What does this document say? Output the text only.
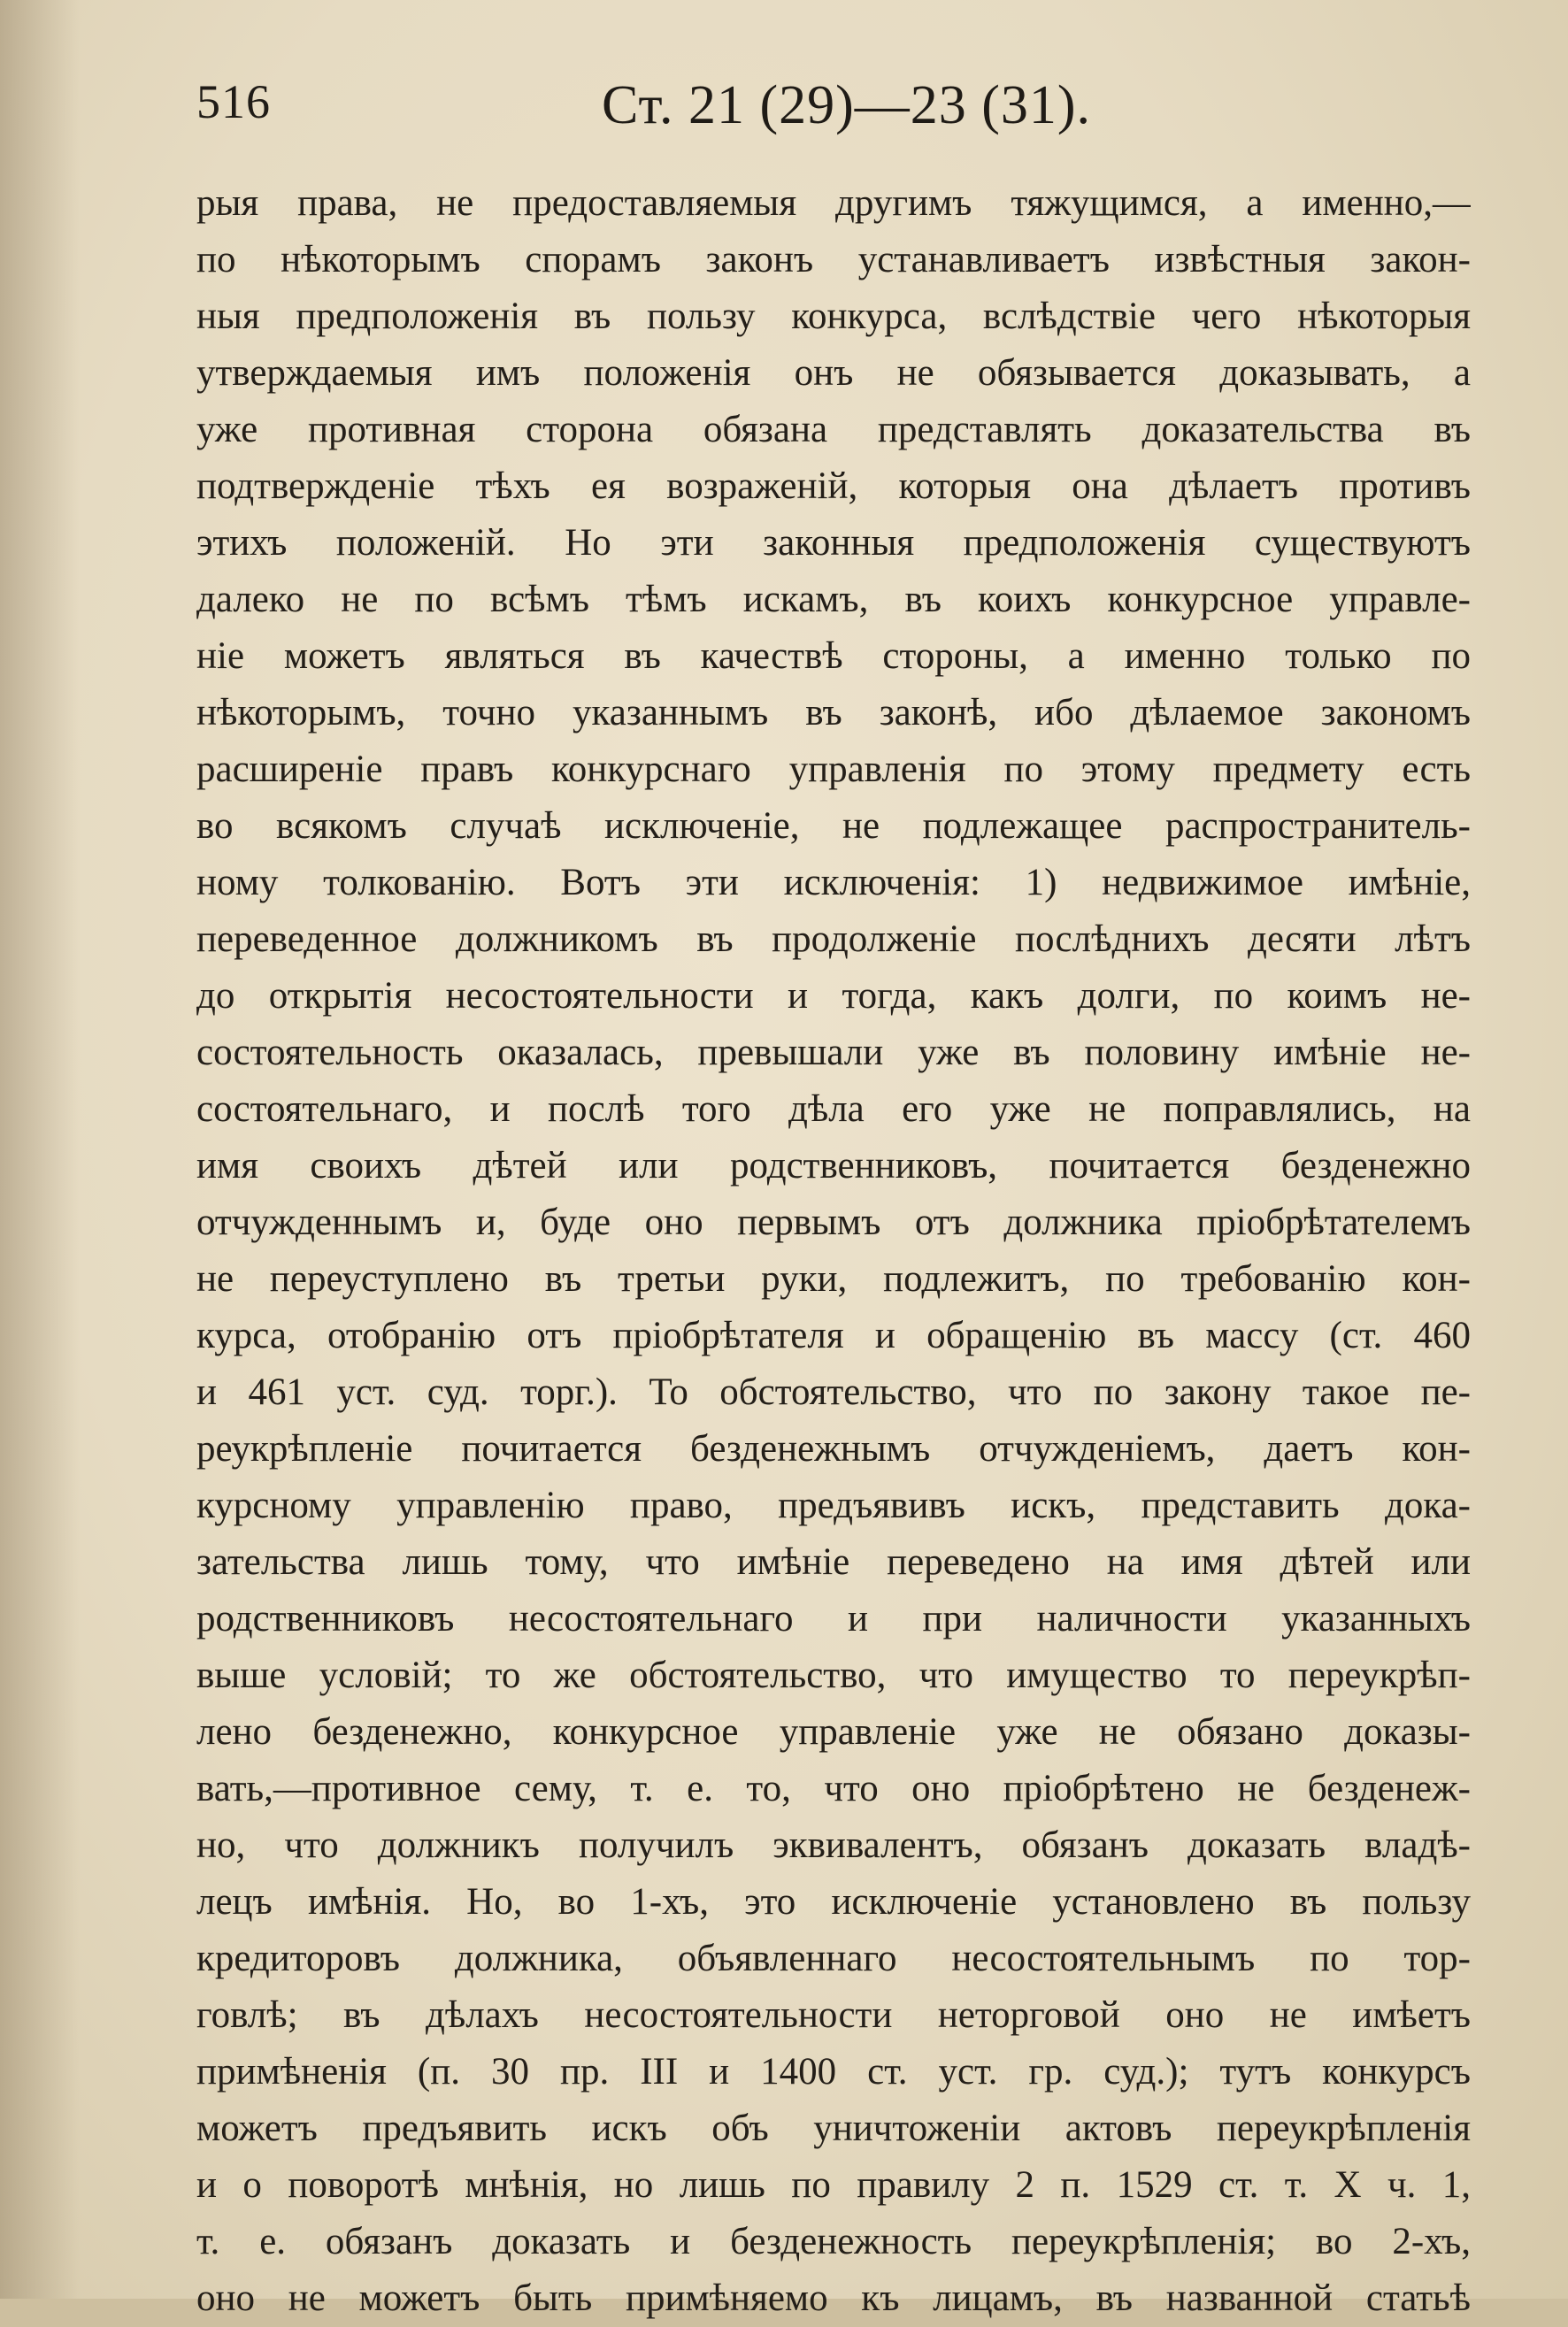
516	Ст. 21 (29)—23 (31).
рыя права, не предоставляемыя другимъ тяжущимся, а именно,—
по нѣкоторымъ спорамъ законъ устанавливаетъ извѣстныя закон-
ныя предположенія въ пользу конкурса, вслѣдствіе чего нѣкоторыя
утверждаемыя имъ положенія онъ не обязывается доказывать, а
уже противная сторона обязана представлять доказательства въ
подтвержденіе тѣхъ ея возраженій, которыя она дѣлаетъ противъ
этихъ положеній. Но эти законныя предположенія существуютъ
далеко не по всѣмъ тѣмъ искамъ, въ коихъ конкурсное управле-
ніе можетъ являться въ качествѣ стороны, а именно только по
нѣкоторымъ, точно указаннымъ въ законѣ, ибо дѣлаемое закономъ
расширеніе правъ конкурснаго управленія по этому предмету есть
во всякомъ случаѣ исключеніе, не подлежащее распространитель-
ному толкованію. Вотъ эти исключенія: 1) недвижимое имѣніе,
переведенное должникомъ въ продолженіе послѣднихъ десяти лѣтъ
до открытія несостоятельности и тогда, какъ долги, по коимъ не-
состоятельность оказалась, превышали уже въ половину имѣніе не-
состоятельнаго, и послѣ того дѣла его уже не поправлялись, на
имя своихъ дѣтей или родственниковъ, почитается безденежно
отчужденнымъ и, буде оно первымъ отъ должника пріобрѣтателемъ
не переуступлено въ третьи руки, подлежитъ, по требованію кон-
курса, отобранію отъ пріобрѣтателя и обращенію въ массу (ст. 460
и 461 уст. суд. торг.). То обстоятельство, что по закону такое пе-
реукрѣпленіе почитается безденежнымъ отчужденіемъ, даетъ кон-
курсному управленію право, предъявивъ искъ, представить дока-
зательства лишь тому, что имѣніе переведено на имя дѣтей или
родственниковъ несостоятельнаго и при наличности указанныхъ
выше условій; то же обстоятельство, что имущество то переукрѣп-
лено безденежно, конкурсное управленіе уже не обязано доказы-
вать,—противное сему, т. е. то, что оно пріобрѣтено не безденеж-
но, что должникъ получилъ эквивалентъ, обязанъ доказать владѣ-
лецъ имѣнія. Но, во 1-хъ, это исключеніе установлено въ пользу
кредиторовъ должника, объявленнаго несостоятельнымъ по тор-
говлѣ; въ дѣлахъ несостоятельности неторговой оно не имѣетъ
примѣненія (п. 30 пр. III и 1400 ст. уст. гр. суд.); тутъ конкурсъ
можетъ предъявить искъ объ уничтоженіи актовъ переукрѣпленія
и о поворотѣ мнѣнія, но лишь по правилу 2 п. 1529 ст. т. X ч. 1,
т. е. обязанъ доказать и безденежность переукрѣпленія; во 2-хъ,
оно не можетъ быть примѣняемо къ лицамъ, въ названной статьѣ
